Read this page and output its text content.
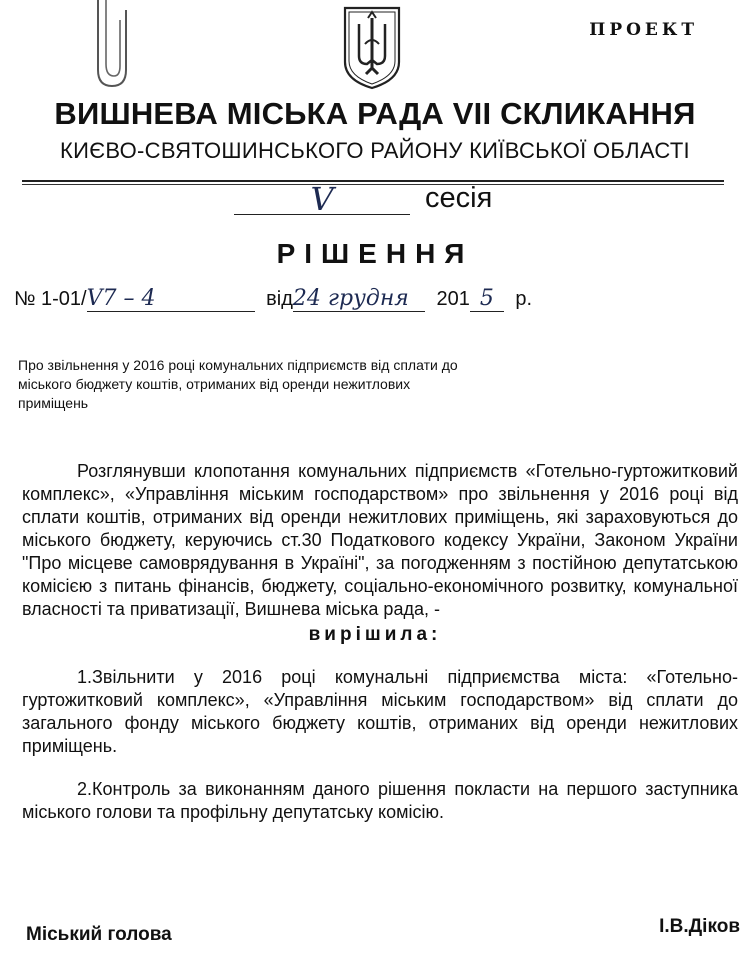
ПРОЕКТ
ВИШНЕВА МІСЬКА РАДА VII СКЛИКАННЯ
КИЄВО-СВЯТОШИНСЬКОГО РАЙОНУ КИЇВСЬКОЇ ОБЛАСТІ
V	сесія
РІШЕННЯ
№ 1-01/V7 – 4	від24 грудня 201 5 р.
Про звільнення у 2016 році комунальних підприємств від сплати до міського бюджету коштів, отриманих від оренди нежитлових приміщень

Розглянувши клопотання комунальних підприємств «Готельно-гуртожитковий комплекс», «Управління міським господарством» про звільнення у 2016 році від сплати коштів, отриманих від оренди нежитлових приміщень, які зараховуються до міського бюджету, керуючись ст.30 Податкового кодексу України, Законом України "Про місцеве самоврядування в Україні", за погодженням з постійною депутатською комісією з питань фінансів, бюджету, соціально-економічного розвитку, комунальної власності та приватизації, Вишнева міська рада, -

вирішила:

1.Звільнити у 2016 році комунальні підприємства міста: «Готельно-гуртожитковий комплекс», «Управління міським господарством» від сплати до загального фонду міського бюджету коштів, отриманих від оренди нежитлових приміщень.

2.Контроль за виконанням даного рішення покласти на першого заступника міського голови та профільну депутатську комісію.

Міський голова	І.В.Діков
